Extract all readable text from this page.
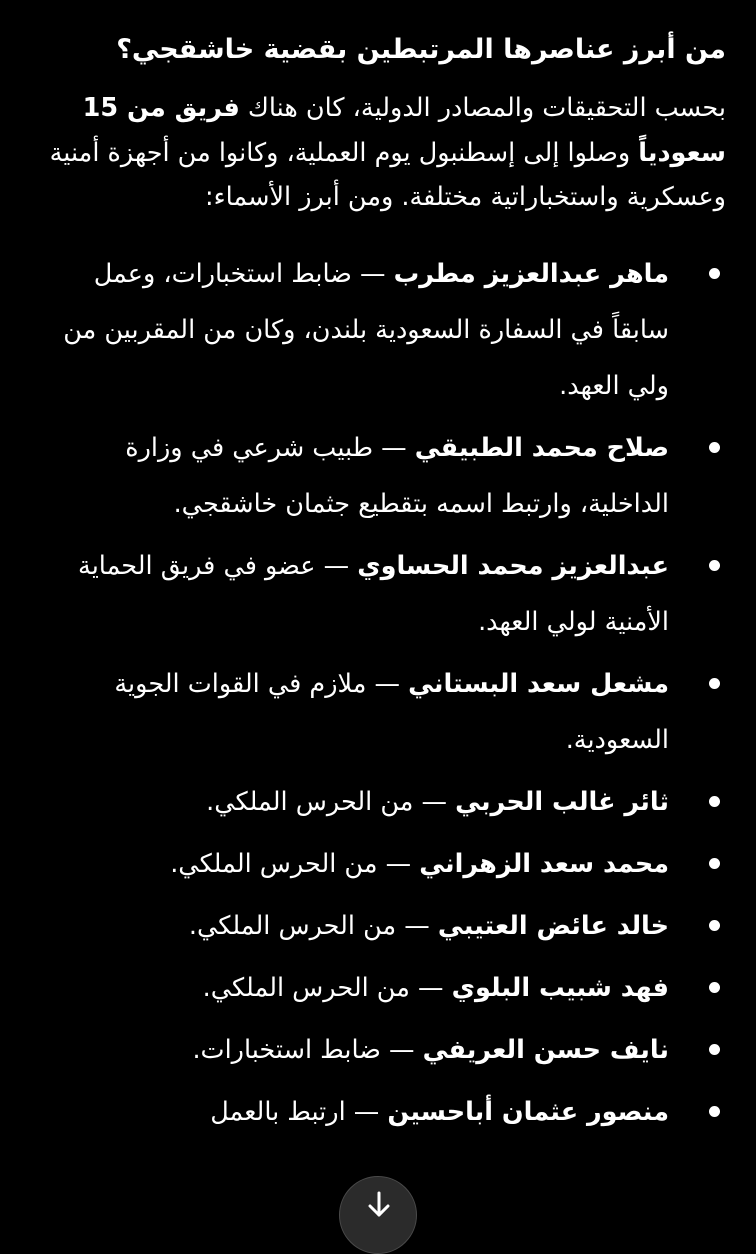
من أبرز عناصرها المرتبطين بقضية خاشقجي؟

بحسب التحقيقات والمصادر الدولية، كان هناك فريق من 15 سعودياً وصلوا إلى إسطنبول يوم العملية، وكانوا من أجهزة أمنية وعسكرية واستخباراتية مختلفة. ومن أبرز الأسماء:

ماهر عبدالعزيز مطرب — ضابط استخبارات، وعمل سابقاً في السفارة السعودية بلندن، وكان من المقربين من ولي العهد.
صلاح محمد الطبيقي — طبيب شرعي في وزارة الداخلية، وارتبط اسمه بتقطيع جثمان خاشقجي.
عبدالعزيز محمد الحساوي — عضو في فريق الحماية الأمنية لولي العهد.
مشعل سعد البستاني — ملازم في القوات الجوية السعودية.
ثائر غالب الحربي — من الحرس الملكي.
محمد سعد الزهراني — من الحرس الملكي.
خالد عائض العتيبي — من الحرس الملكي.
فهد شبيب البلوي — من الحرس الملكي.
نايف حسن العريفي — ضابط استخبارات.
منصور عثمان أباحسين — ارتبط بالعمل
